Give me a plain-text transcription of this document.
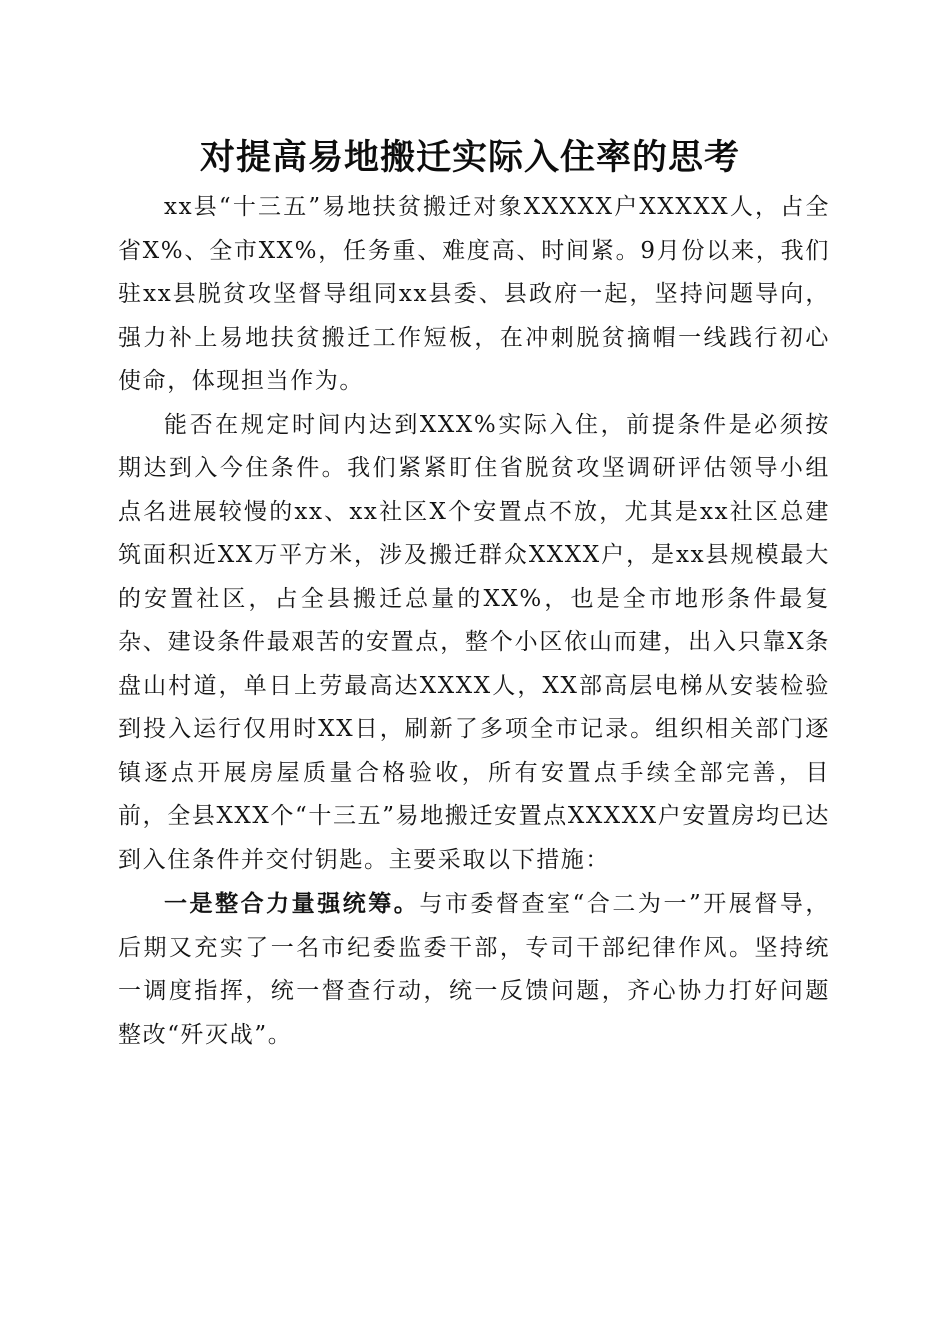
对提高易地搬迁实际入住率的思考

xx县“十三五”易地扶贫搬迁对象XXXXX户XXXXX人，占全省X%、全市XX%，任务重、难度高、时间紧。9月份以来，我们驻xx县脱贫攻坚督导组同xx县委、县政府一起，坚持问题导向，强力补上易地扶贫搬迁工作短板，在冲刺脱贫摘帽一线践行初心使命，体现担当作为。

能否在规定时间内达到XXX%实际入住，前提条件是必须按期达到入今住条件。我们紧紧盯住省脱贫攻坚调研评估领导小组点名进展较慢的xx、xx社区X个安置点不放，尤其是xx社区总建筑面积近XX万平方米，涉及搬迁群众XXXX户，是xx县规模最大的安置社区，占全县搬迁总量的XX%，也是全市地形条件最复杂、建设条件最艰苦的安置点，整个小区依山而建，出入只靠X条盘山村道，单日上劳最高达XXXX人，XX部高层电梯从安装检验到投入运行仅用时XX日，刷新了多项全市记录。组织相关部门逐镇逐点开展房屋质量合格验收，所有安置点手续全部完善，目前，全县XXX个“十三五”易地搬迁安置点XXXXX户安置房均已达到入住条件并交付钥匙。主要采取以下措施：

一是整合力量强统筹。与市委督查室“合二为一”开展督导，后期又充实了一名市纪委监委干部，专司干部纪律作风。坚持统一调度指挥，统一督查行动，统一反馈问题，齐心协力打好问题整改“歼灭战”。
